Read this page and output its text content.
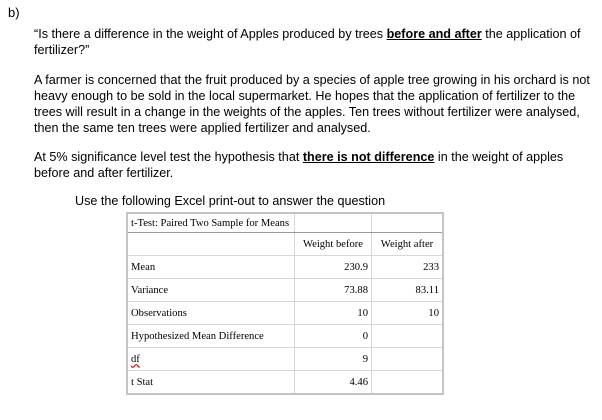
b)
“Is there a difference in the weight of Apples produced by trees before and after the application of fertilizer?”
A farmer is concerned that the fruit produced by a species of apple tree growing in his orchard is not heavy enough to be sold in the local supermarket. He hopes that the application of fertilizer to the trees will result in a change in the weights of the apples. Ten trees without fertilizer were analysed, then the same ten trees were applied fertilizer and analysed.
At 5% significance level test the hypothesis that there is not difference in the weight of apples before and after fertilizer.
Use the following Excel print-out to answer the question
t-Test: Paired Two Sample for Means		
	Weight before	Weight after
Mean	230.9	233
Variance	73.88	83.11
Observations	10	10
Hypothesized Mean Difference	0	
df	9	
t Stat	4.46	
